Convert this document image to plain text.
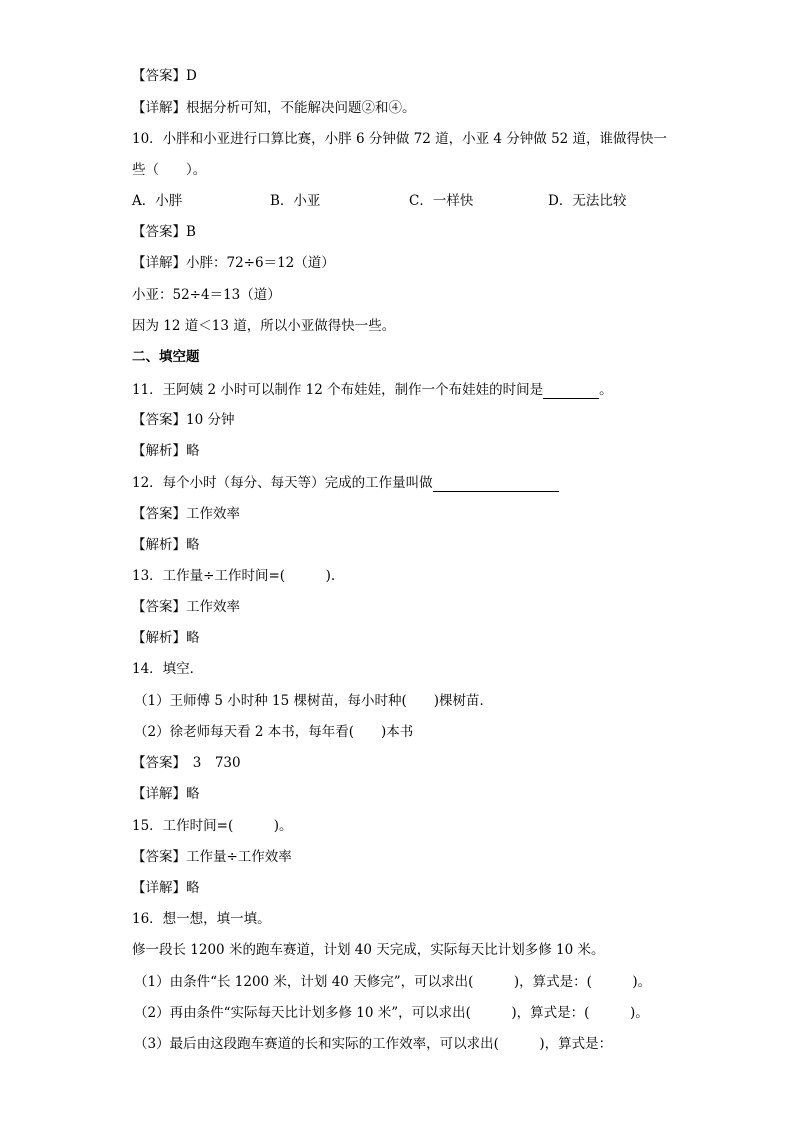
【答案】D
【详解】根据分析可知，不能解决问题②和④。
10．小胖和小亚进行口算比赛，小胖 6 分钟做 72 道，小亚 4 分钟做 52 道，谁做得快一
些（　　）。
A．小胖	B．小亚	C．一样快	D．无法比较
【答案】B
【详解】小胖：72÷6＝12（道）
小亚：52÷4＝13（道）
因为 12 道＜13 道，所以小亚做得快一些。
二、填空题
11．王阿姨 2 小时可以制作 12 个布娃娃，制作一个布娃娃的时间是	。
【答案】10 分钟
【解析】略
12．每个小时（每分、每天等）完成的工作量叫做
【答案】工作效率
【解析】略
13．工作量÷工作时间=(　　　).
【答案】工作效率
【解析】略
14．填空．
（1）王师傅 5 小时种 15 棵树苗，每小时种(　　)棵树苗．
（2）徐老师每天看 2 本书，每年看(　　)本书
【答案】　3　730
【详解】略
15．工作时间=(　　　)。
【答案】工作量÷工作效率
【详解】略
16．想一想，填一填。
修一段长 1200 米的跑车赛道，计划 40 天完成，实际每天比计划多修 10 米。
（1）由条件“长 1200 米，计划 40 天修完”，可以求出(　　　)，算式是：(　　　)。
（2）再由条件“实际每天比计划多修 10 米”，可以求出(　　　)，算式是：(　　　)。
（3）最后由这段跑车赛道的长和实际的工作效率，可以求出(　　　)，算式是：
